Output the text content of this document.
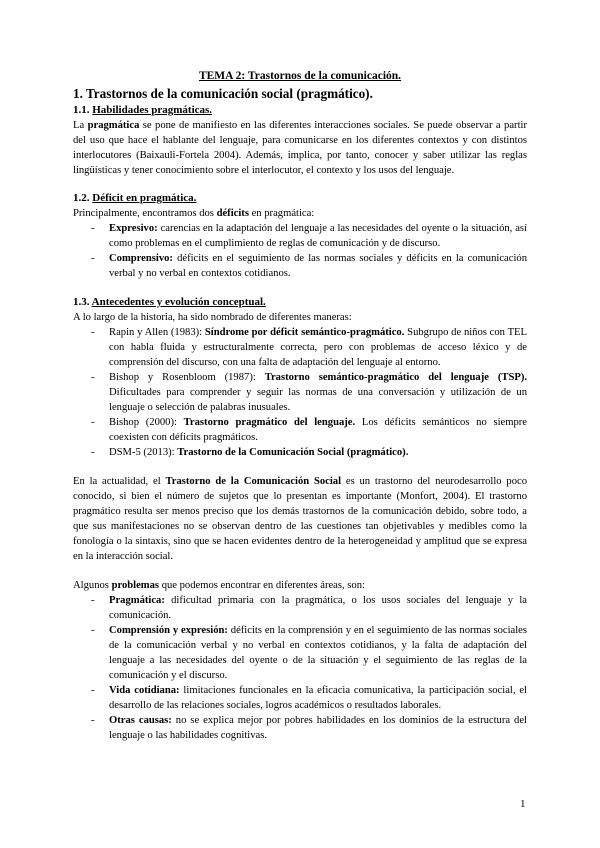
TEMA 2: Trastornos de la comunicación.
1. Trastornos de la comunicación social (pragmático).
1.1. Habilidades pragmáticas.

La pragmática se pone de manifiesto en las diferentes interacciones sociales. Se puede observar a partir del uso que hace el hablante del lenguaje, para comunicarse en los diferentes contextos y con distintos interlocutores (Baixauli-Fortela 2004). Además, implica, por tanto, conocer y saber utilizar las reglas lingüísticas y tener conocimiento sobre el interlocutor, el contexto y los usos del lenguaje.

1.2. Déficit en pragmática.

Principalmente, encontramos dos déficits en pragmática:

- Expresivo: carencias en la adaptación del lenguaje a las necesidades del oyente o la situación, así como problemas en el cumplimiento de reglas de comunicación y de discurso.
- Comprensivo: déficits en el seguimiento de las normas sociales y déficits en la comunicación verbal y no verbal en contextos cotidianos.
1.3. Antecedentes y evolución conceptual.

A lo largo de la historia, ha sido nombrado de diferentes maneras:

- Rapin y Allen (1983): Síndrome por déficit semántico-pragmático. Subgrupo de niños con TEL con habla fluida y estructuralmente correcta, pero con problemas de acceso léxico y de comprensión del discurso, con una falta de adaptación del lenguaje al entorno.
- Bishop y Rosenbloom (1987): Trastorno semántico-pragmático del lenguaje (TSP). Dificultades para comprender y seguir las normas de una conversación y utilización de un lenguaje o selección de palabras inusuales.
- Bishop (2000): Trastorno pragmático del lenguaje. Los déficits semánticos no siempre coexisten con déficits pragmáticos.
- DSM-5 (2013): Trastorno de la Comunicación Social (pragmático).

En la actualidad, el Trastorno de la Comunicación Social es un trastorno del neurodesarrollo poco conocido, si bien el número de sujetos que lo presentan es importante (Monfort, 2004). El trastorno pragmático resulta ser menos preciso que los demás trastornos de la comunicación debido, sobre todo, a que sus manifestaciones no se observan dentro de las cuestiones tan objetivables y medibles como la fonología o la sintaxis, sino que se hacen evidentes dentro de la heterogeneidad y amplitud que se expresa en la interacción social.

Algunos problemas que podemos encontrar en diferentes áreas, son:

- Pragmática: dificultad primaria con la pragmática, o los usos sociales del lenguaje y la comunicación.
- Comprensión y expresión: déficits en la comprensión y en el seguimiento de las normas sociales de la comunicación verbal y no verbal en contextos cotidianos, y la falta de adaptación del lenguaje a las necesidades del oyente o de la situación y el seguimiento de las reglas de la comunicación y el discurso.
- Vida cotidiana: limitaciones funcionales en la eficacia comunicativa, la participación social, el desarrollo de las relaciones sociales, logros académicos o resultados laborales.
- Otras causas: no se explica mejor por pobres habilidades en los dominios de la estructura del lenguaje o las habilidades cognitivas.
1
